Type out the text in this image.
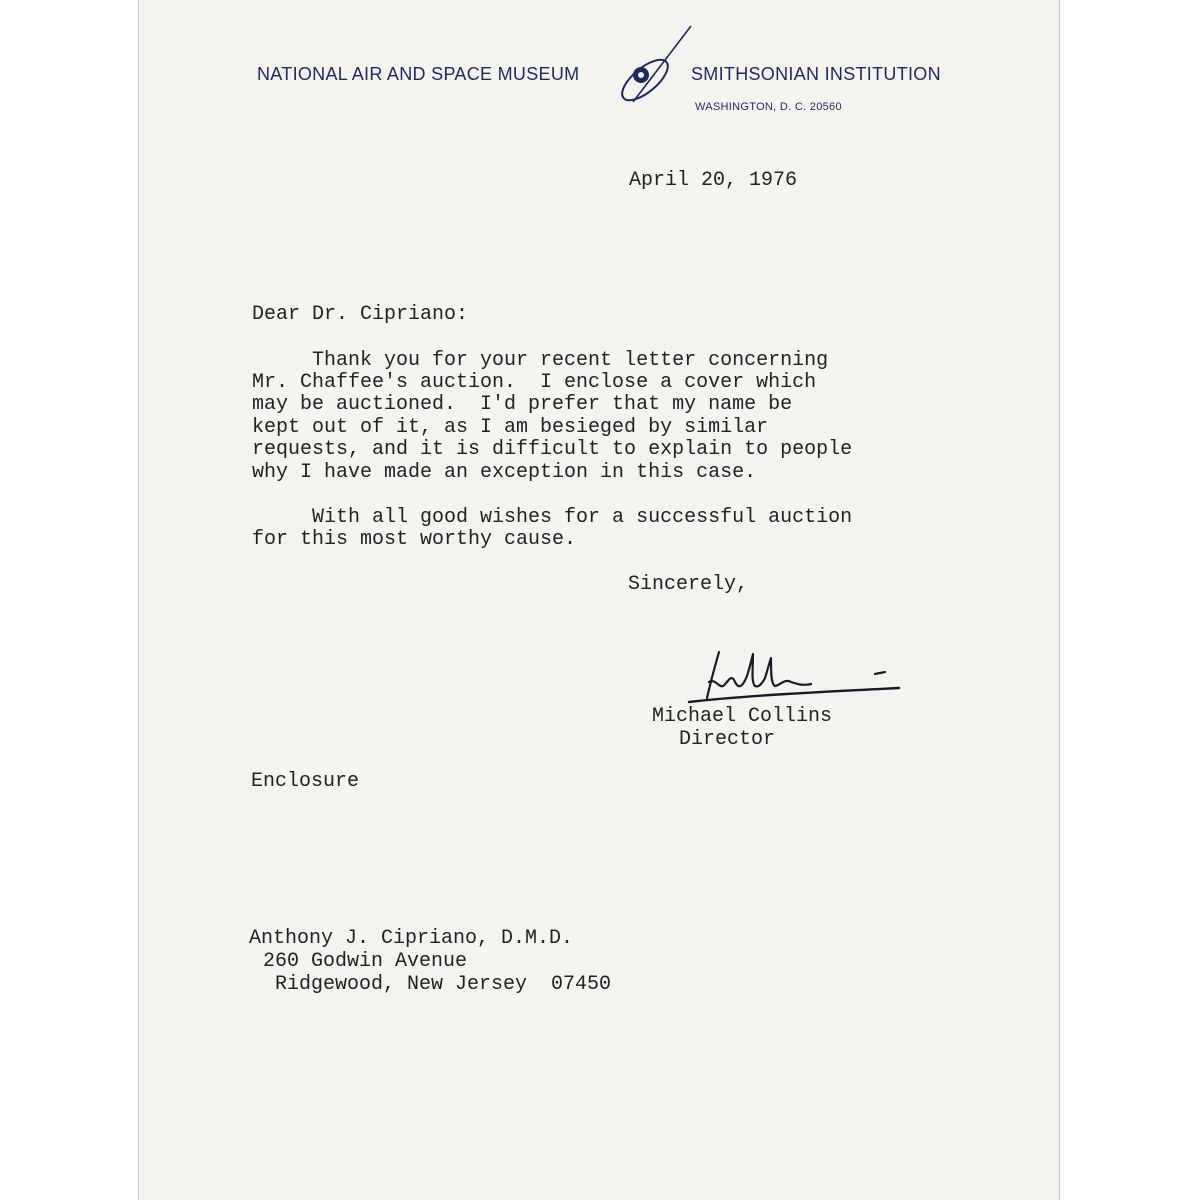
NATIONAL AIR AND SPACE MUSEUM	SMITHSONIAN INSTITUTION
WASHINGTON, D. C. 20560
April 20, 1976
Dear Dr. Cipriano:
Thank you for your recent letter concerning
Mr. Chaffee's auction.  I enclose a cover which
may be auctioned.  I'd prefer that my name be
kept out of it, as I am besieged by similar
requests, and it is difficult to explain to people
why I have made an exception in this case.
With all good wishes for a successful auction
for this most worthy cause.
Sincerely,
Michael Collins
Director
Enclosure
Anthony J. Cipriano, D.M.D.
260 Godwin Avenue
Ridgewood, New Jersey  07450
